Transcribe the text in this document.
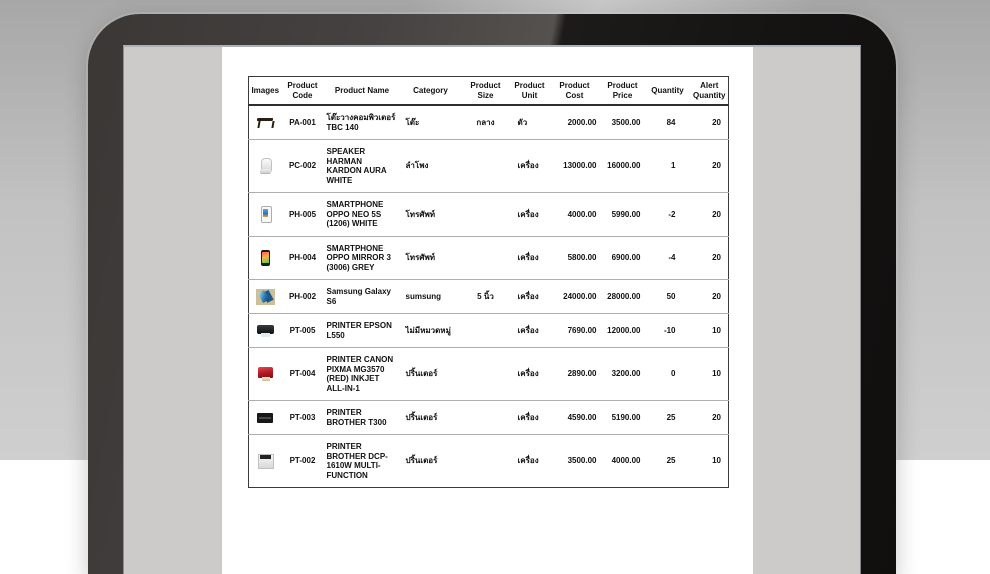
Images	Product Code	Product Name	Category	Product Size	Product Unit	Product Cost	Product Price	Quantity	Alert Quantity
	PA-001	โต๊ะวางคอมพิวเตอร์ TBC 140	โต๊ะ	กลาง	ตัว	2000.00	3500.00	84	20
	PC-002	SPEAKER HARMAN KARDON AURA WHITE	ลำโพง		เครื่อง	13000.00	16000.00	1	20
	PH-005	SMARTPHONE OPPO NEO 5S (1206) WHITE	โทรศัพท์		เครื่อง	4000.00	5990.00	-2	20
	PH-004	SMARTPHONE OPPO MIRROR 3 (3006) GREY	โทรศัพท์		เครื่อง	5800.00	6900.00	-4	20
	PH-002	Samsung Galaxy S6	sumsung	5 นิ้ว	เครื่อง	24000.00	28000.00	50	20
	PT-005	PRINTER EPSON L550	ไม่มีหมวดหมู่		เครื่อง	7690.00	12000.00	-10	10
	PT-004	PRINTER CANON PIXMA MG3570 (RED) INKJET ALL-IN-1	ปริ้นเตอร์		เครื่อง	2890.00	3200.00	0	10
	PT-003	PRINTER BROTHER T300	ปริ้นเตอร์		เครื่อง	4590.00	5190.00	25	20
	PT-002	PRINTER BROTHER DCP-1610W MULTI-FUNCTION	ปริ้นเตอร์		เครื่อง	3500.00	4000.00	25	10
